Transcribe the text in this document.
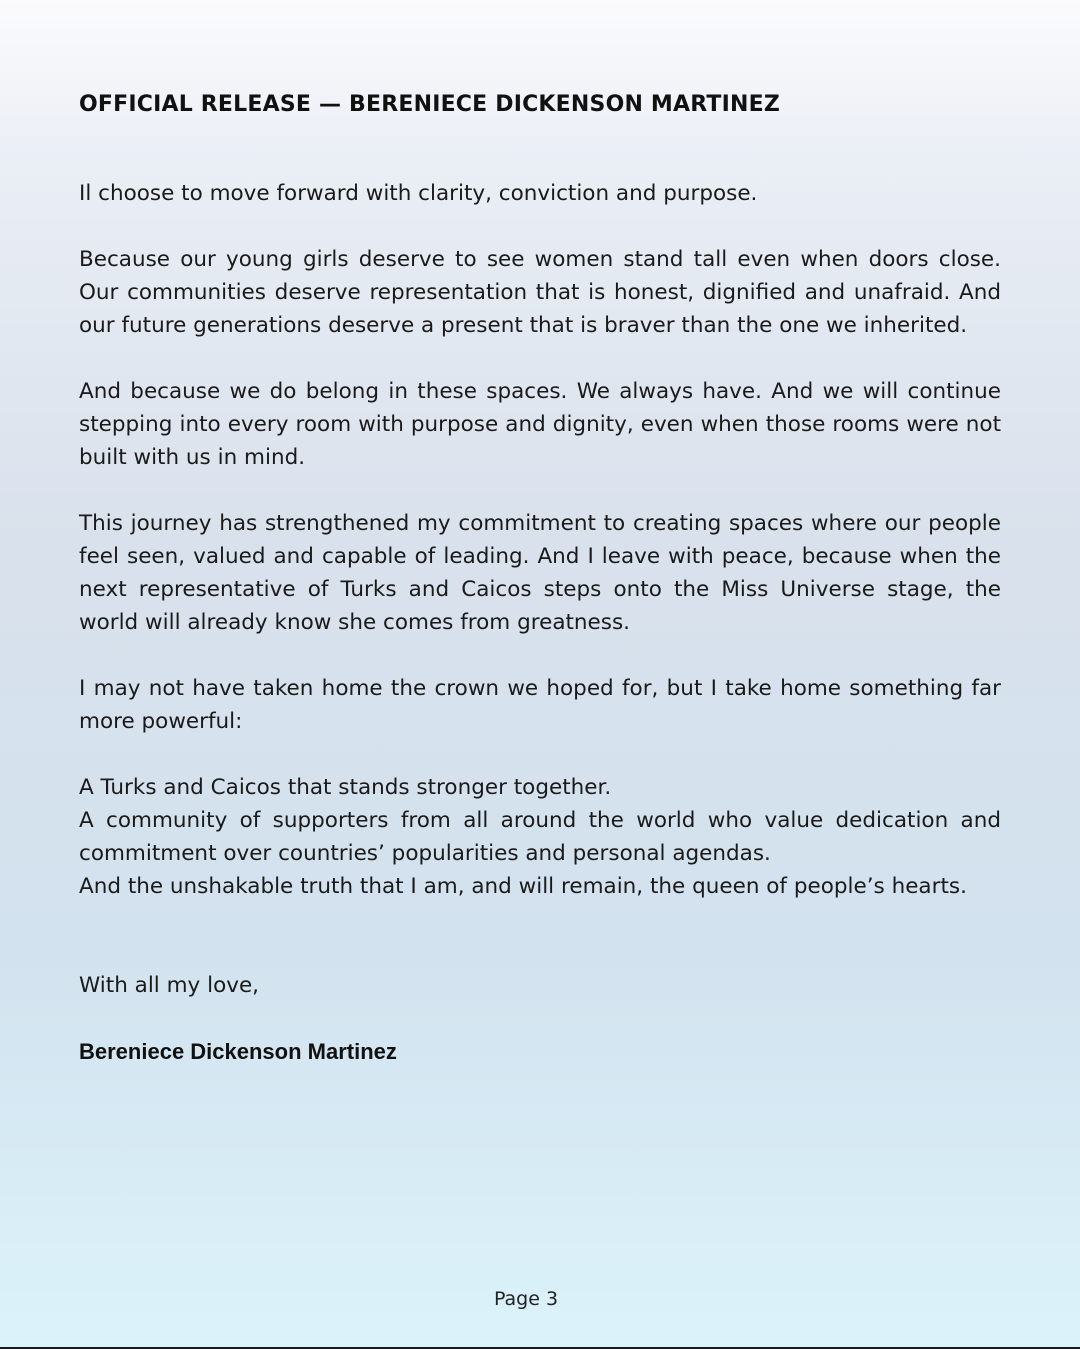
OFFICIAL RELEASE — BERENIECE DICKENSON MARTINEZ

Il choose to move forward with clarity, conviction and purpose.

Because our young girls deserve to see women stand tall even when doors close. Our communities deserve representation that is honest, dignified and unafraid. And our future generations deserve a present that is braver than the one we inherited.

And because we do belong in these spaces. We always have. And we will continue stepping into every room with purpose and dignity, even when those rooms were not built with us in mind.

This journey has strengthened my commitment to creating spaces where our people feel seen, valued and capable of leading. And I leave with peace, because when the next representative of Turks and Caicos steps onto the Miss Universe stage, the world will already know she comes from greatness.

I may not have taken home the crown we hoped for, but I take home something far more powerful:

A Turks and Caicos that stands stronger together.

A community of supporters from all around the world who value dedication and commitment over countries’ popularities and personal agendas.

And the unshakable truth that I am, and will remain, the queen of people’s hearts.

With all my love,

Bereniece Dickenson Martinez

Page 3
